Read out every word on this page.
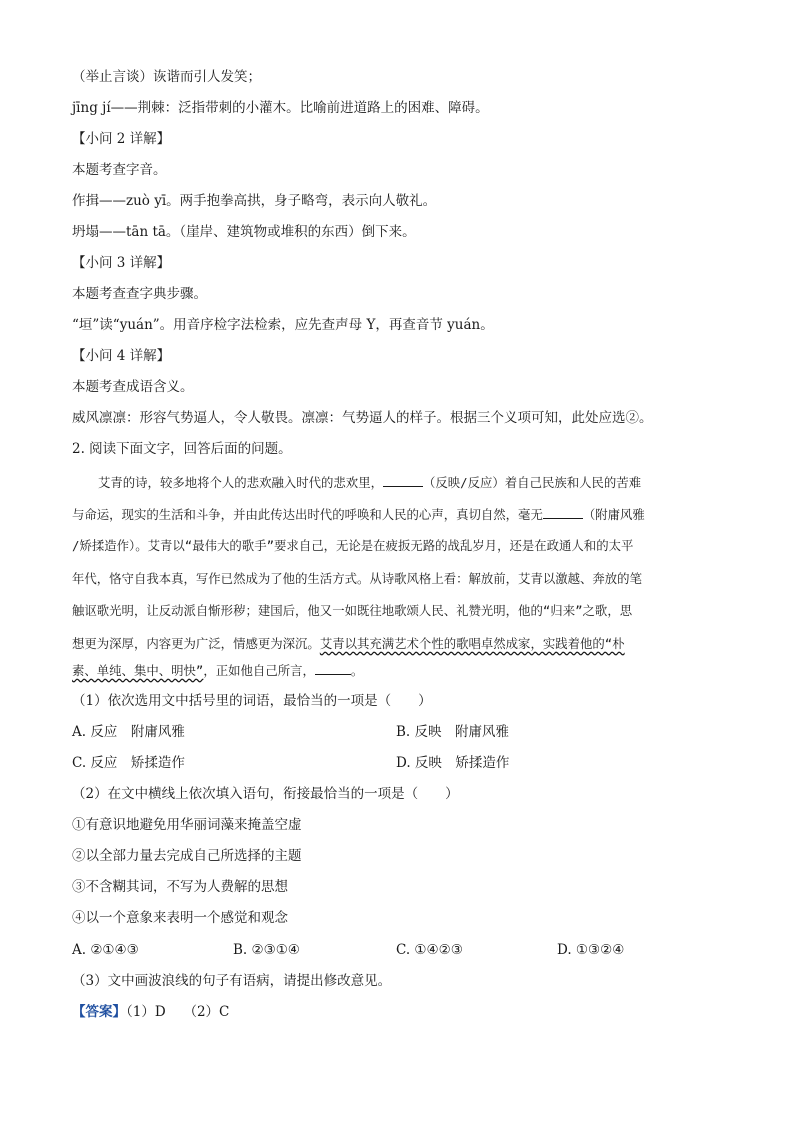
（举止言谈）诙谐而引人发笑；
jīng jí——荆棘：泛指带刺的小灌木。比喻前进道路上的困难、障碍。
【小问 2 详解】
本题考查字音。
作揖——zuò yī。两手抱拳高拱，身子略弯，表示向人敬礼。
坍塌——tān tā。（崖岸、建筑物或堆积的东西）倒下来。
【小问 3 详解】
本题考查查字典步骤。
“垣”读“yuán”。用音序检字法检索，应先查声母 Y，再查音节 yuán。
【小问 4 详解】
本题考查成语含义。
威风凛凛：形容气势逼人，令人敬畏。凛凛：气势逼人的样子。根据三个义项可知，此处应选②。
2. 阅读下面文字，回答后面的问题。
艾青的诗，较多地将个人的悲欢融入时代的悲欢里，	（反映/反应）着自己民族和人民的苦难
与命运，现实的生活和斗争，并由此传达出时代的呼唤和人民的心声，真切自然，毫无	（附庸风雅
/矫揉造作）。艾青以“最伟大的歌手”要求自己，无论是在疲扳无路的战乱岁月，还是在政通人和的太平
年代，恪守自我本真，写作已然成为了他的生活方式。从诗歌风格上看：解放前，艾青以激越、奔放的笔
触讴歌光明，让反动派自惭形秽；建国后，他又一如既往地歌颂人民、礼赞光明，他的“归来”之歌，思
想更为深厚，内容更为广泛，情感更为深沉。艾青以其充满艺术个性的歌唱卓然成家，实践着他的“朴
素、单纯、集中、明快”，正如他自己所言，	。
（1）依次选用文中括号里的词语，最恰当的一项是（　　）
A. 反应　附庸风雅	B. 反映　附庸风雅
C. 反应　矫揉造作	D. 反映　矫揉造作
（2）在文中横线上依次填入语句，衔接最恰当的一项是（　　）
①有意识地避免用华丽词藻来掩盖空虚
②以全部力量去完成自己所选择的主题
③不含糊其词，不写为人费解的思想
④以一个意象来表明一个感觉和观念
A. ②①④③	B. ②③①④	C. ①④②③	D. ①③②④
（3）文中画波浪线的句子有语病，请提出修改意见。
【答案】（1）D　 （2）C
